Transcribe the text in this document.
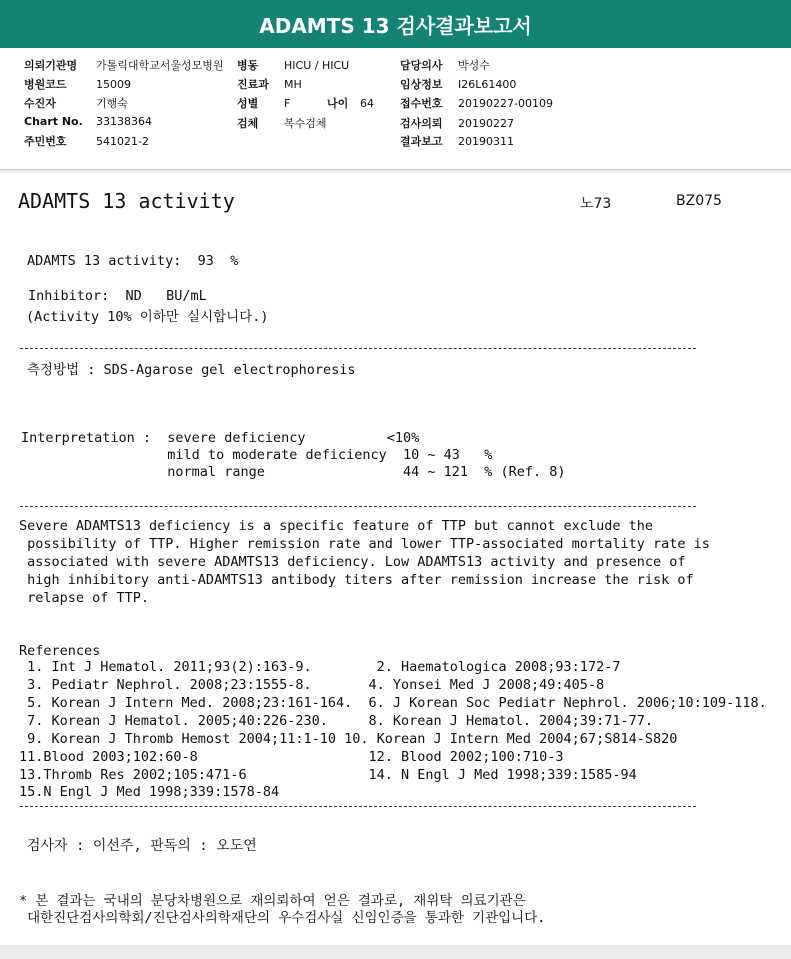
ADAMTS 13 검사결과보고서
의뢰기관명 가톨릭대학교서울성모병원
병원코드	15009
수진자	기행숙
Chart No. 33138364
주민번호	541021-2
병동 HICU / HICU
진료과 MH
성별 F	나이 64
검체 복수검체
담당의사 박성수
임상정보 I26L61400
접수번호 20190227-00109
검사의뢰 20190227
결과보고 20190311
ADAMTS 13 activity	노73	BZ075
ADAMTS 13 activity:  93  %
Inhibitor:  ND   BU/mL
(Activity 10% 이하만 실시합니다.)
측정방법 : SDS-Agarose gel electrophoresis
Interpretation :  severe deficiency          <10%
mild to moderate deficiency  10 ~ 43   %
normal range                 44 ~ 121  % (Ref. 8)
Severe ADAMTS13 deficiency is a specific feature of TTP but cannot exclude the
possibility of TTP. Higher remission rate and lower TTP-associated mortality rate is
associated with severe ADAMTS13 deficiency. Low ADAMTS13 activity and presence of
high inhibitory anti-ADAMTS13 antibody titers after remission increase the risk of
relapse of TTP.
References
1. Int J Hematol. 2011;93(2):163-9.        2. Haematologica 2008;93:172-7
3. Pediatr Nephrol. 2008;23:1555-8.       4. Yonsei Med J 2008;49:405-8
5. Korean J Intern Med. 2008;23:161-164.  6. J Korean Soc Pediatr Nephrol. 2006;10:109-118.
7. Korean J Hematol. 2005;40:226-230.     8. Korean J Hematol. 2004;39:71-77.
9. Korean J Thromb Hemost 2004;11:1-10 10. Korean J Intern Med 2004;67;S814-S820
11.Blood 2003;102:60-8                     12. Blood 2002;100:710-3
13.Thromb Res 2002;105:471-6               14. N Engl J Med 1998;339:1585-94
15.N Engl J Med 1998;339:1578-84
검사자 : 이선주, 판독의 : 오도연
* 본 결과는 국내의 분당차병원으로 재의뢰하여 얻은 결과로, 재위탁 의료기관은
대한진단검사의학회/진단검사의학재단의 우수검사실 신임인증을 통과한 기관입니다.
